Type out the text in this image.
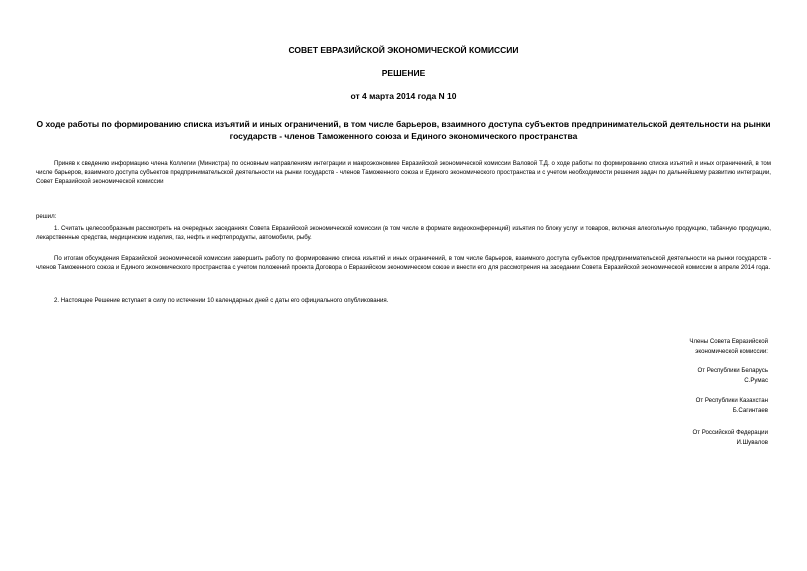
СОВЕТ ЕВРАЗИЙСКОЙ ЭКОНОМИЧЕСКОЙ КОМИССИИ
РЕШЕНИЕ
от 4 марта 2014 года N 10
О ходе работы по формированию списка изъятий и иных ограничений, в том числе барьеров, взаимного доступа субъектов предпринимательской деятельности на рынки государств - членов Таможенного союза и Единого экономического пространства
Приняв к сведению информацию члена Коллегии (Министра) по основным направлениям интеграции и макроэкономике Евразийской экономической комиссии Валовой Т.Д. о ходе работы по формированию списка изъятий и иных ограничений, в том числе барьеров, взаимного доступа субъектов предпринимательской деятельности на рынки государств - членов Таможенного союза и Единого экономического пространства и с учетом необходимости решения задач по дальнейшему развитию интеграции, Совет Евразийской экономической комиссии
решил:
1. Считать целесообразным рассмотреть на очередных заседаниях Совета Евразийской экономической комиссии (в том числе в формате видеоконференций) изъятия по блоку услуг и товаров, включая алкогольную продукцию, табачную продукцию, лекарственные средства, медицинские изделия, газ, нефть и нефтепродукты, автомобили, рыбу.
По итогам обсуждения Евразийской экономической комиссии завершить работу по формированию списка изъятий и иных ограничений, в том числе барьеров, взаимного доступа субъектов предпринимательской деятельности на рынки государств - членов Таможенного союза и Единого экономического пространства с учетом положений проекта Договора о Евразийском экономическом союзе и внести его для рассмотрения на заседании Совета Евразийской экономической комиссии в апреле 2014 года.
2. Настоящее Решение вступает в силу по истечении 10 календарных дней с даты его официального опубликования.
Члены Совета Евразийской
экономической комиссии:
От Республики Беларусь
С.Румас
От Республики Казахстан
Б.Сагинтаев
От Российской Федерации
И.Шувалов
